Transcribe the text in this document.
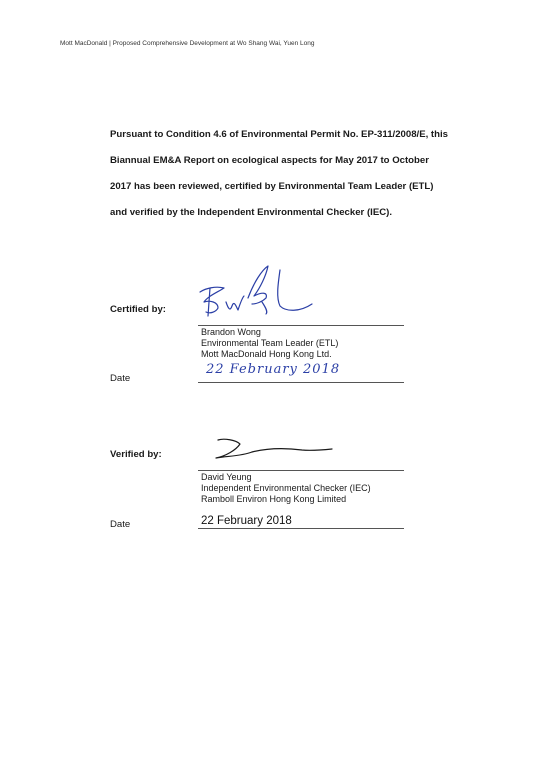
Mott MacDonald | Proposed Comprehensive Development at Wo Shang Wai, Yuen Long
Pursuant to Condition 4.6 of Environmental Permit No. EP-311/2008/E, this Biannual EM&A Report on ecological aspects for May 2017 to October 2017 has been reviewed, certified by Environmental Team Leader (ETL) and verified by the Independent Environmental Checker (IEC).
Certified by:
Brandon Wong
Environmental Team Leader (ETL)
Mott MacDonald Hong Kong Ltd.
Date
22 February 2018
Verified by:
David Yeung
Independent Environmental Checker (IEC)
Ramboll Environ Hong Kong Limited
Date	22 February 2018
